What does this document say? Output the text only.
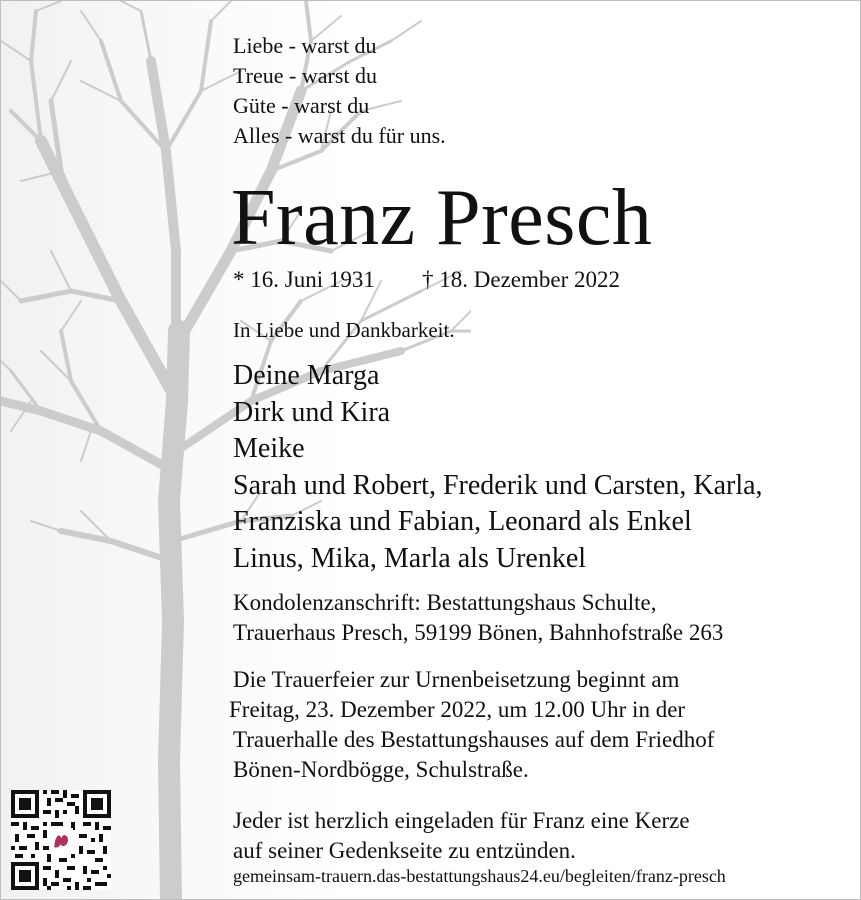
Liebe - warst du
Treue - warst du
Güte - warst du
Alles - warst du für uns.
Franz Presch
* 16. Juni 1931 † 18. Dezember 2022
In Liebe und Dankbarkeit.
Deine Marga
Dirk und Kira
Meike
Sarah und Robert, Frederik und Carsten, Karla,
Franziska und Fabian, Leonard als Enkel
Linus, Mika, Marla als Urenkel
Kondolenzanschrift: Bestattungshaus Schulte,
Trauerhaus Presch, 59199 Bönen, Bahnhofstraße 263
Die Trauerfeier zur Urnenbeisetzung beginnt am
Freitag, 23. Dezember 2022, um 12.00 Uhr in der
Trauerhalle des Bestattungshauses auf dem Friedhof
Bönen-Nordbögge, Schulstraße.
Jeder ist herzlich eingeladen für Franz eine Kerze
auf seiner Gedenkseite zu entzünden.
gemeinsam-trauern.das-bestattungshaus24.eu/begleiten/franz-presch
